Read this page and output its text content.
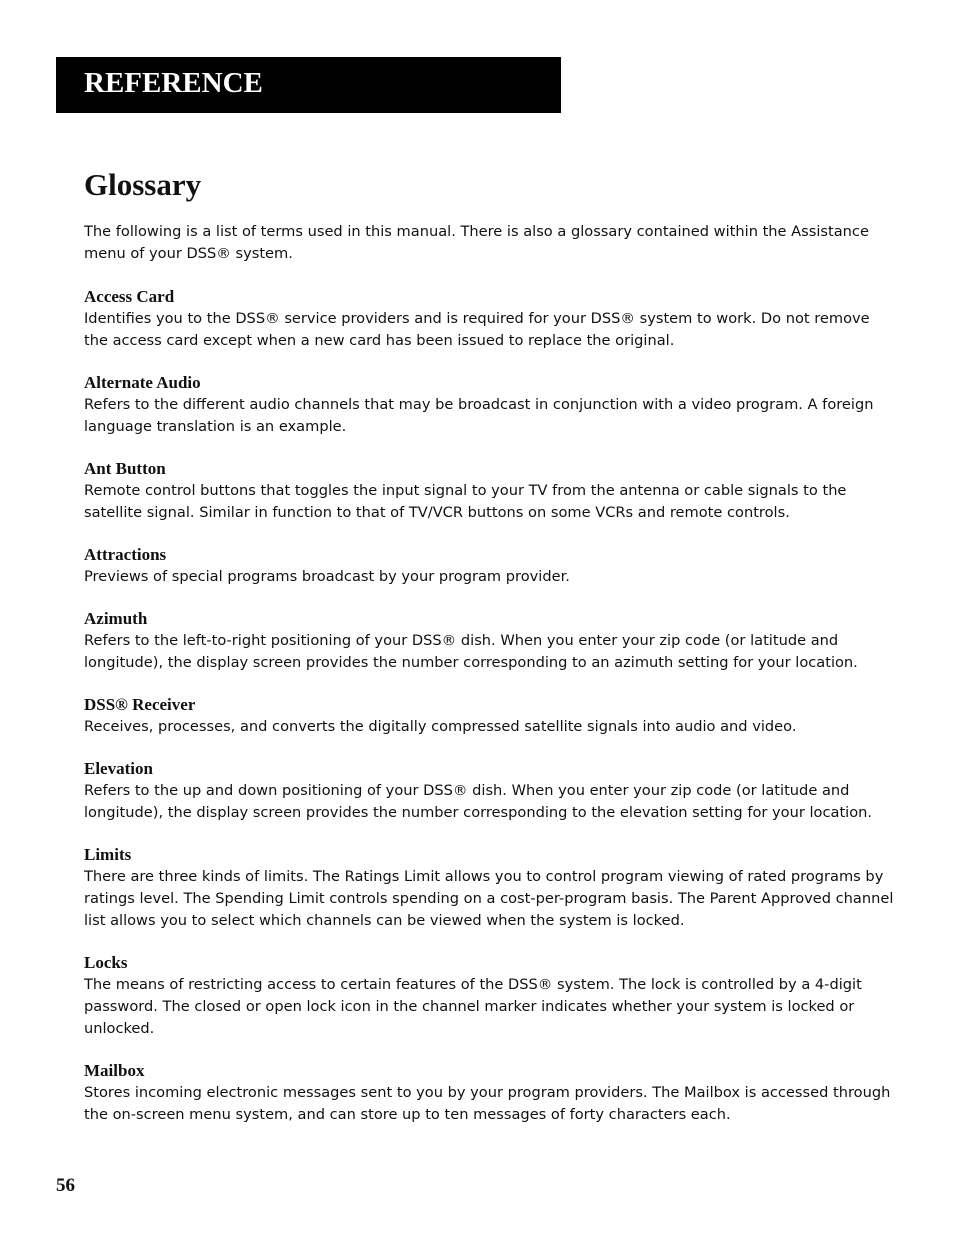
REFERENCE
Glossary

The following is a list of terms used in this manual. There is also a glossary contained within the Assistance menu of your DSS® system.

Access Card

Identifies you to the DSS® service providers and is required for your DSS® system to work. Do not remove the access card except when a new card has been issued to replace the original.

Alternate Audio

Refers to the different audio channels that may be broadcast in conjunction with a video program. A foreign language translation is an example.

Ant Button

Remote control buttons that toggles the input signal to your TV from the antenna or cable signals to the satellite signal. Similar in function to that of TV/VCR buttons on some VCRs and remote controls.

Attractions

Previews of special programs broadcast by your program provider.

Azimuth

Refers to the left-to-right positioning of your DSS® dish. When you enter your zip code (or latitude and longitude), the display screen provides the number corresponding to an azimuth setting for your location.

DSS® Receiver

Receives, processes, and converts the digitally compressed satellite signals into audio and video.

Elevation

Refers to the up and down positioning of your DSS® dish. When you enter your zip code (or latitude and longitude), the display screen provides the number corresponding to the elevation setting for your location.

Limits

There are three kinds of limits. The Ratings Limit allows you to control program viewing of rated programs by ratings level. The Spending Limit controls spending on a cost-per-program basis. The Parent Approved channel list allows you to select which channels can be viewed when the system is locked.

Locks

The means of restricting access to certain features of the DSS® system. The lock is controlled by a 4-digit password. The closed or open lock icon in the channel marker indicates whether your system is locked or unlocked.

Mailbox

Stores incoming electronic messages sent to you by your program providers. The Mailbox is accessed through the on-screen menu system, and can store up to ten messages of forty characters each.

56
